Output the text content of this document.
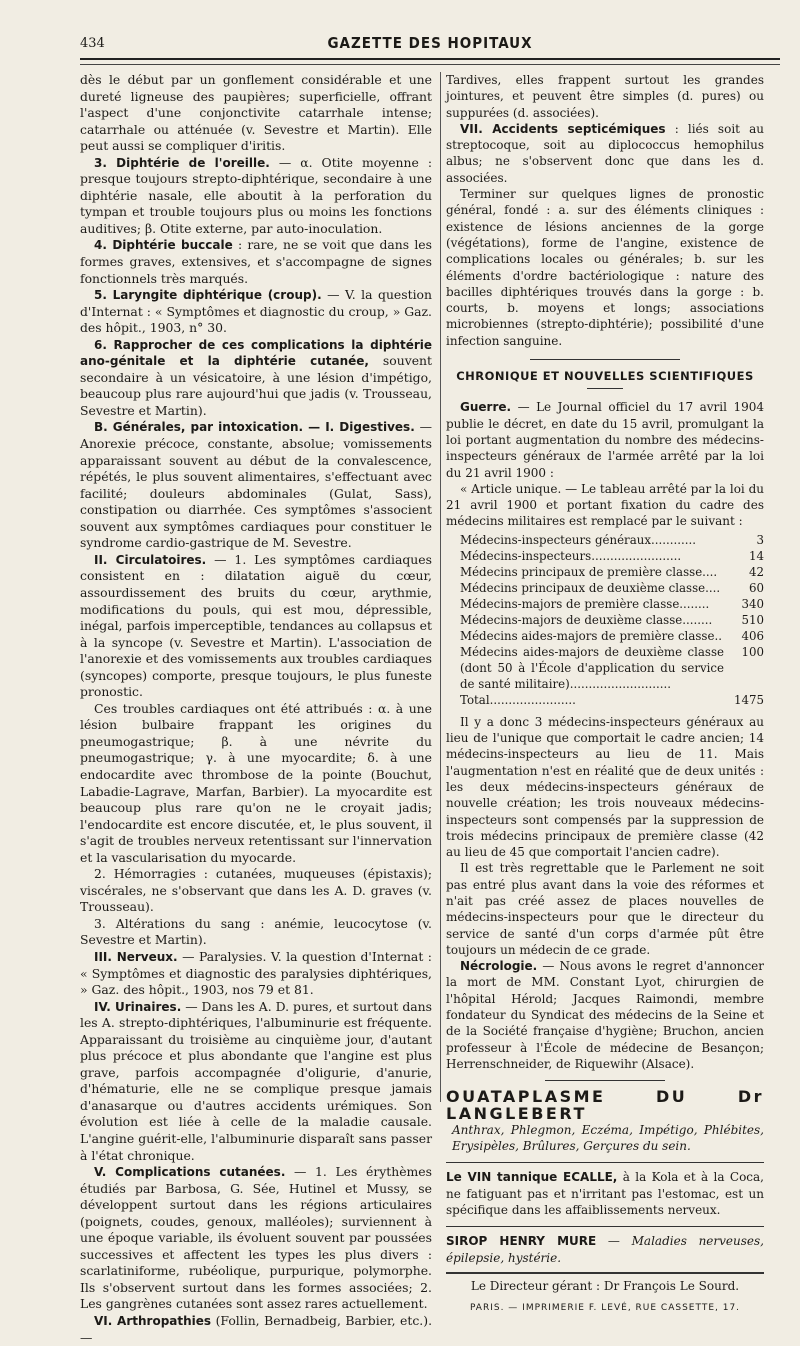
434	GAZETTE DES HOPITAUX

dès le début par un gonflement considérable et une dureté ligneuse des paupières; superficielle, offrant l'aspect d'une conjonctivite catarrhale intense; catarrhale ou atténuée (v. Sevestre et Martin). Elle peut aussi se compliquer d'iritis.

3. Diphtérie de l'oreille. — α. Otite moyenne : presque toujours strepto-diphtérique, secondaire à une diphtérie nasale, elle aboutit à la perforation du tympan et trouble toujours plus ou moins les fonctions auditives; β. Otite externe, par auto-inoculation.

4. Diphtérie buccale : rare, ne se voit que dans les formes graves, extensives, et s'accompagne de signes fonctionnels très marqués.

5. Laryngite diphtérique (croup). — V. la question d'Internat : « Symptômes et diagnostic du croup, » Gaz. des hôpit., 1903, n° 30.

6. Rapprocher de ces complications la diphtérie ano-génitale et la diphtérie cutanée, souvent secondaire à un vésicatoire, à une lésion d'impétigo, beaucoup plus rare aujourd'hui que jadis (v. Trousseau, Sevestre et Martin).

B. Générales, par intoxication. — I. Digestives. — Anorexie précoce, constante, absolue; vomissements apparaissant souvent au début de la convalescence, répétés, le plus souvent alimentaires, s'effectuant avec facilité; douleurs abdominales (Gulat, Sass), constipation ou diarrhée. Ces symptômes s'associent souvent aux symptômes cardiaques pour constituer le syndrome cardio-gastrique de M. Sevestre.

II. Circulatoires. — 1. Les symptômes cardiaques consistent en : dilatation aiguë du cœur, assourdissement des bruits du cœur, arythmie, modifications du pouls, qui est mou, dépressible, inégal, parfois imperceptible, tendances au collapsus et à la syncope (v. Sevestre et Martin). L'association de l'anorexie et des vomissements aux troubles cardiaques (syncopes) comporte, presque toujours, le plus funeste pronostic.

Ces troubles cardiaques ont été attribués : α. à une lésion bulbaire frappant les origines du pneumogastrique; β. à une névrite du pneumogastrique; γ. à une myocardite; δ. à une endocardite avec thrombose de la pointe (Bouchut, Labadie-Lagrave, Marfan, Barbier). La myocardite est beaucoup plus rare qu'on ne le croyait jadis; l'endocardite est encore discutée, et, le plus souvent, il s'agit de troubles nerveux retentissant sur l'innervation et la vascularisation du myocarde.

2. Hémorragies : cutanées, muqueuses (épistaxis); viscérales, ne s'observant que dans les A. D. graves (v. Trousseau).

3. Altérations du sang : anémie, leucocytose (v. Sevestre et Martin).

III. Nerveux. — Paralysies. V. la question d'Internat : « Symptômes et diagnostic des paralysies diphtériques, » Gaz. des hôpit., 1903, nos 79 et 81.

IV. Urinaires. — Dans les A. D. pures, et surtout dans les A. strepto-diphtériques, l'albuminurie est fréquente. Apparaissant du troisième au cinquième jour, d'autant plus précoce et plus abondante que l'angine est plus grave, parfois accompagnée d'oligurie, d'anurie, d'hématurie, elle ne se complique presque jamais d'anasarque ou d'autres accidents urémiques. Son évolution est liée à celle de la maladie causale. L'angine guérit-elle, l'albuminurie disparaît sans passer à l'état chronique.

V. Complications cutanées. — 1. Les érythèmes étudiés par Barbosa, G. Sée, Hutinel et Mussy, se développent surtout dans les régions articulaires (poignets, coudes, genoux, malléoles); surviennent à une époque variable, ils évoluent souvent par poussées successives et affectent les types les plus divers : scarlatiniforme, rubéolique, purpurique, polymorphe. Ils s'observent surtout dans les formes associées; 2. Les gangrènes cutanées sont assez rares actuellement.

VI. Arthropathies (Follin, Bernadbeig, Barbier, etc.). —

Tardives, elles frappent surtout les grandes jointures, et peuvent être simples (d. pures) ou suppurées (d. associées).

VII. Accidents septicémiques : liés soit au streptocoque, soit au diplococcus hemophilus albus; ne s'observent donc que dans les d. associées.

Terminer sur quelques lignes de pronostic général, fondé : a. sur des éléments cliniques : existence de lésions anciennes de la gorge (végétations), forme de l'angine, existence de complications locales ou générales; b. sur les éléments d'ordre bactériologique : nature des bacilles diphtériques trouvés dans la gorge : b. courts, b. moyens et longs; associations microbiennes (strepto-diphtérie); possibilité d'une infection sanguine.

CHRONIQUE ET NOUVELLES SCIENTIFIQUES

Guerre. — Le Journal officiel du 17 avril 1904 publie le décret, en date du 15 avril, promulgant la loi portant augmentation du nombre des médecins-inspecteurs généraux de l'armée arrêté par la loi du 21 avril 1900 :

« Article unique. — Le tableau arrêté par la loi du 21 avril 1900 et portant fixation du cadre des médecins militaires est remplacé par le suivant :

Médecins-inspecteurs généraux............	3
Médecins-inspecteurs........................	14
Médecins principaux de première classe....	42
Médecins principaux de deuxième classe....	60
Médecins-majors de première classe........	340
Médecins-majors de deuxième classe........	510
Médecins aides-majors de première classe..	406
Médecins aides-majors de deuxième classe (dont 50 à l'École d'application du service de santé militaire)...........................	100
Total.......................	1475

Il y a donc 3 médecins-inspecteurs généraux au lieu de l'unique que comportait le cadre ancien; 14 médecins-inspecteurs au lieu de 11. Mais l'augmentation n'est en réalité que de deux unités : les deux médecins-inspecteurs généraux de nouvelle création; les trois nouveaux médecins-inspecteurs sont compensés par la suppression de trois médecins principaux de première classe (42 au lieu de 45 que comportait l'ancien cadre).

Il est très regrettable que le Parlement ne soit pas entré plus avant dans la voie des réformes et n'ait pas créé assez de places nouvelles de médecins-inspecteurs pour que le directeur du service de santé d'un corps d'armée pût être toujours un médecin de ce grade.

Nécrologie. — Nous avons le regret d'annoncer la mort de MM. Constant Lyot, chirurgien de l'hôpital Hérold; Jacques Raimondi, membre fondateur du Syndicat des médecins de la Seine et de la Société française d'hygiène; Bruchon, ancien professeur à l'École de médecine de Besançon; Herrenschneider, de Riquewihr (Alsace).

OUATAPLASME DU Dr LANGLEBERT
Anthrax, Phlegmon, Eczéma, Impétigo, Phlébites, Erysipèles, Brûlures, Gerçures du sein.
Le VIN tannique ECALLE, à la Kola et à la Coca, ne fatiguant pas et n'irritant pas l'estomac, est un spécifique dans les affaiblissements nerveux.
SIROP HENRY MURE — Maladies nerveuses, épilepsie, hystérie.
Le Directeur gérant : Dr François Le Sourd.
PARIS. — IMPRIMERIE F. LEVÉ, RUE CASSETTE, 17.
